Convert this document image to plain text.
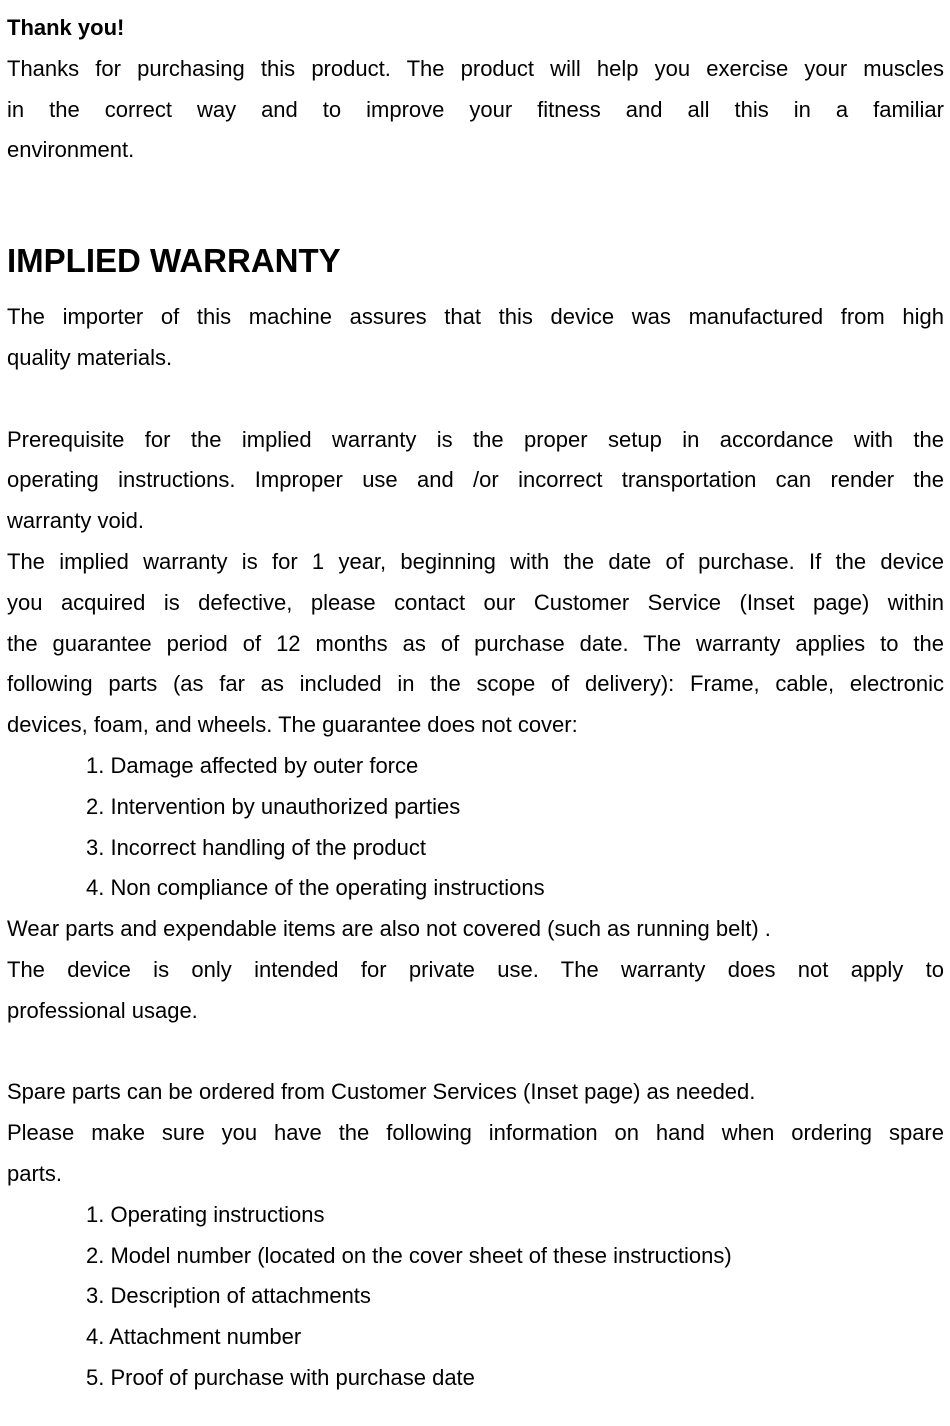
Thank you!
Thanks for purchasing this product. The product will help you exercise your muscles
in the correct way and to improve your fitness and all this in a familiar
environment.
IMPLIED WARRANTY
The importer of this machine assures that this device was manufactured from high
quality materials.
Prerequisite for the implied warranty is the proper setup in accordance with the
operating instructions. Improper use and /or incorrect transportation can render the
warranty void.
The implied warranty is for 1 year, beginning with the date of purchase. If the device
you acquired is defective, please contact our Customer Service (Inset page) within
the guarantee period of 12 months as of purchase date. The warranty applies to the
following parts (as far as included in the scope of delivery): Frame, cable, electronic
devices, foam, and wheels. The guarantee does not cover:
1. Damage affected by outer force
2. Intervention by unauthorized parties
3. Incorrect handling of the product
4. Non compliance of the operating instructions
Wear parts and expendable items are also not covered (such as running belt) .
The device is only intended for private use. The warranty does not apply to
professional usage.
Spare parts can be ordered from Customer Services (Inset page) as needed.
Please make sure you have the following information on hand when ordering spare
parts.
1. Operating instructions
2. Model number (located on the cover sheet of these instructions)
3. Description of attachments
4. Attachment number
5. Proof of purchase with purchase date
